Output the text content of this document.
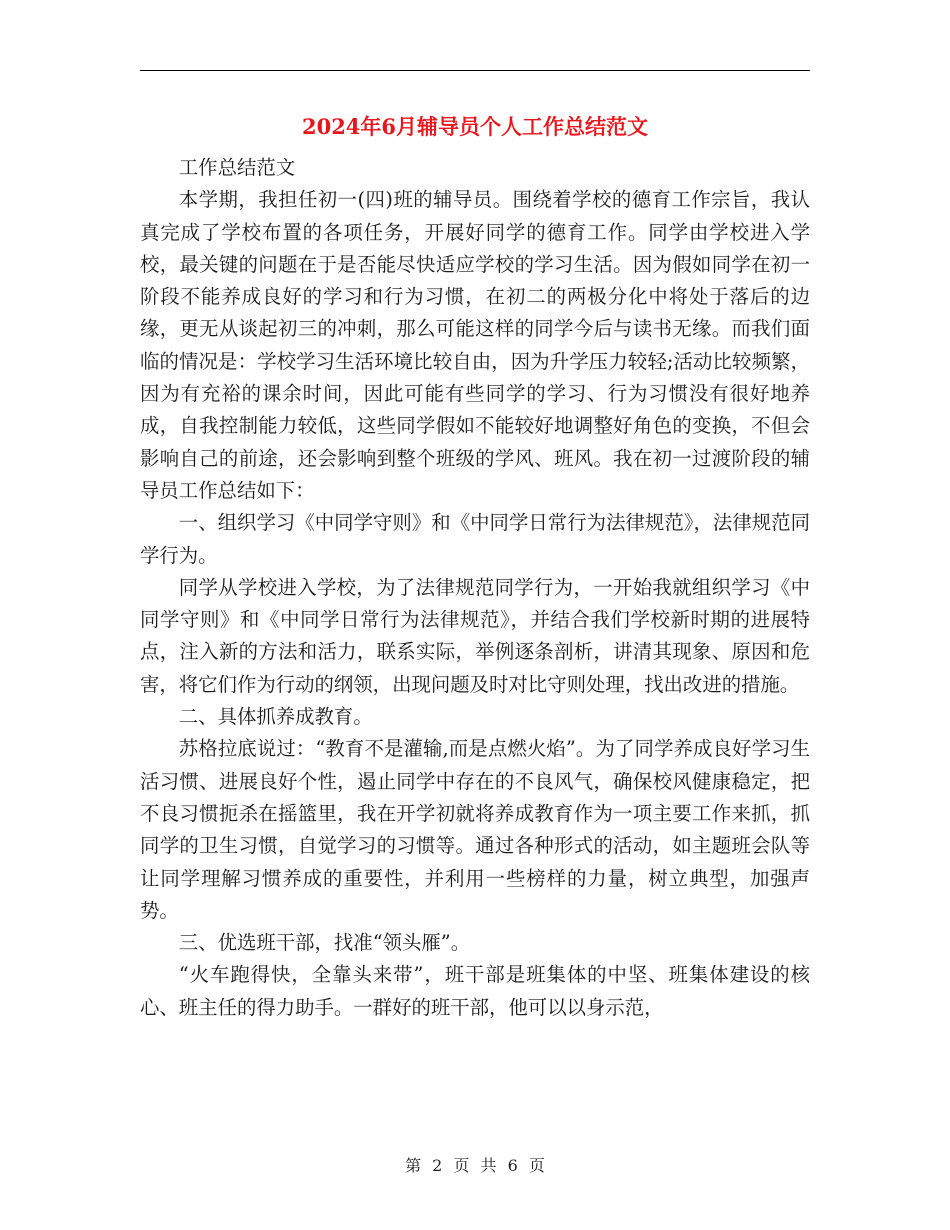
2024年6月辅导员个人工作总结范文

工作总结范文

本学期，我担任初一(四)班的辅导员。围绕着学校的德育工作宗旨，我认真完成了学校布置的各项任务，开展好同学的德育工作。同学由学校进入学校，最关键的问题在于是否能尽快适应学校的学习生活。因为假如同学在初一阶段不能养成良好的学习和行为习惯，在初二的两极分化中将处于落后的边缘，更无从谈起初三的冲刺，那么可能这样的同学今后与读书无缘。而我们面临的情况是：学校学习生活环境比较自由，因为升学压力较轻;活动比较频繁，因为有充裕的课余时间，因此可能有些同学的学习、行为习惯没有很好地养成，自我控制能力较低，这些同学假如不能较好地调整好角色的变换，不但会影响自己的前途，还会影响到整个班级的学风、班风。我在初一过渡阶段的辅导员工作总结如下：

一、组织学习《中同学守则》和《中同学日常行为法律规范》，法律规范同学行为。

同学从学校进入学校，为了法律规范同学行为，一开始我就组织学习《中同学守则》和《中同学日常行为法律规范》，并结合我们学校新时期的进展特点，注入新的方法和活力，联系实际，举例逐条剖析，讲清其现象、原因和危害，将它们作为行动的纲领，出现问题及时对比守则处理，找出改进的措施。

二、具体抓养成教育。

苏格拉底说过：“教育不是灌输,而是点燃火焰”。为了同学养成良好学习生活习惯、进展良好个性，遏止同学中存在的不良风气，确保校风健康稳定，把不良习惯扼杀在摇篮里，我在开学初就将养成教育作为一项主要工作来抓，抓同学的卫生习惯，自觉学习的习惯等。通过各种形式的活动，如主题班会队等让同学理解习惯养成的重要性，并利用一些榜样的力量，树立典型，加强声势。

三、优选班干部，找准“领头雁”。

“火车跑得快，全靠头来带”，班干部是班集体的中坚、班集体建设的核心、班主任的得力助手。一群好的班干部，他可以以身示范，

第 2 页 共 6 页
